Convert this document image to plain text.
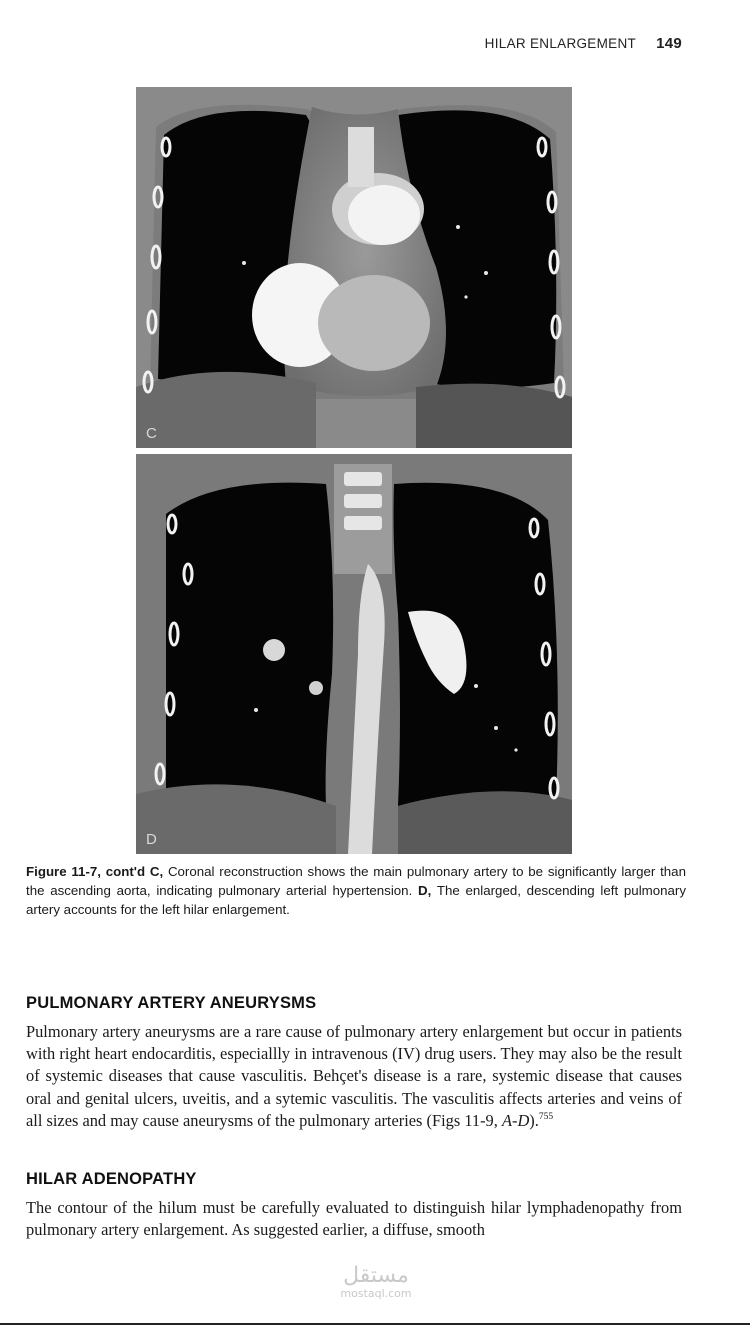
HILAR ENLARGEMENT 149
C
D
Figure 11-7, cont'd C, Coronal reconstruction shows the main pulmonary artery to be significantly larger than the ascending aorta, indicating pulmonary arterial hypertension. D, The enlarged, descending left pulmonary artery accounts for the left hilar enlargement.
PULMONARY ARTERY ANEURYSMS

Pulmonary artery aneurysms are a rare cause of pulmonary artery enlargement but occur in patients with right heart endocarditis, especiallly in intravenous (IV) drug users. They may also be the result of systemic diseases that cause vasculitis. Behçet's disease is a rare, systemic disease that causes oral and genital ulcers, uveitis, and a sytemic vasculitis. The vasculitis affects arteries and veins of all sizes and may cause aneurysms of the pulmonary arteries (Figs 11-9, A-D).$^{755}$

HILAR ADENOPATHY

The contour of the hilum must be carefully evaluated to distinguish hilar lymphadenopathy from pulmonary artery enlargement. As suggested earlier, a diffuse, smooth

مستقل
mostaql.com
